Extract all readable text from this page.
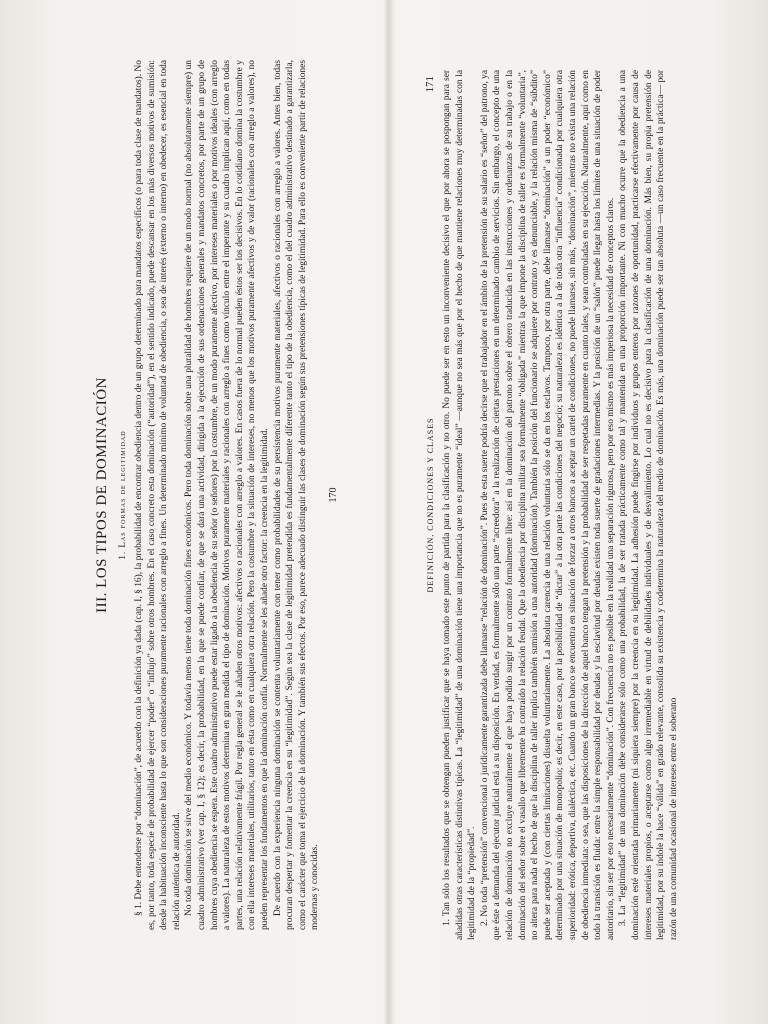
III. LOS TIPOS DE DOMINACIÓN 1. Las formas de legitimidad § 1. Debe entenderse por “dominación”, de acuerdo con la definición ya dada (cap. I, § 16), la probabilidad de encontrar obediencia dentro de un grupo determinado para mandatos específicos (o para toda clase de mandatos). No es, por tanto, toda especie de probabilidad de ejercer “poder” o “influjo” sobre otros hombres. En el caso concreto esta dominación (“autoridad”), en el sentido indicado, puede descansar en los más diversos motivos de sumisión: desde la habituación inconsciente hasta lo que son consideraciones puramente racionales con arreglo a fines. Un determinado mínimo de voluntad de obediencia, o sea de interés (externo o interno) en obedecer, es esencial en toda relación auténtica de autoridad. No toda dominación se sirve del medio económico. Y todavía menos tiene toda dominación fines económicos. Pero toda dominación sobre una pluralidad de hombres requiere de un modo normal (no absolutamente siempre) un cuadro administrativo (ver cap. I, § 12); es decir, la probabilidad, en la que se puede confiar, de que se dará una actividad, dirigida a la ejecución de sus ordenaciones generales y mandatos concretos, por parte de un grupo de hombres cuya obediencia se espera. Este cuadro administrativo puede estar ligado a la obediencia de su señor (o señores) por la costumbre, de un modo puramente afectivo, por intereses materiales o por motivos ideales (con arreglo a valores). La naturaleza de estos motivos determina en gran medida el tipo de dominación. Motivos puramente materiales y racionales con arreglo a fines como vínculo entre el imperante y su cuadro implican aquí, como en todas partes, una relación relativamente frágil. Por regla general se le añaden otros motivos: afectivos o racionales con arreglo a valores. En casos fuera de lo normal pueden éstos ser los decisivos. En lo cotidiano domina la costumbre y con ella intereses materiales, utilitarios, tanto en ésta como en cualquiera otra relación. Pero la costumbre y la situación de intereses, no menos que los motivos puramente afectivos y de valor (racionales con arreglo a valores), no pueden representar los fundamentos en que la dominación confía. Normalmente se les añade otro factor: la creencia en la legitimidad. De acuerdo con la experiencia ninguna dominación se contenta voluntariamente con tener como probabilidades de su persistencia motivos puramente materiales, afectivos o racionales con arreglo a valores. Antes bien, todas procuran despertar y fomentar la creencia en su “legitimidad”. Según sea la clase de legitimidad pretendida es fundamentalmente diferente tanto el tipo de la obediencia, como el del cuadro administrativo destinado a garantizarla, como el carácter que toma el ejercicio de la dominación. Y también sus efectos. Por eso, parece adecuado distinguir las clases de dominación según sus pretensiones típicas de legitimidad. Para ello es conveniente partir de relaciones modernas y conocidas.

170	DEFINICIÓN, CONDICIONES Y CLASES
171 1. Tan sólo los resultados que se obtengan pueden justificar que se haya tomado este punto de partida para la clasificación y no otro. No puede ser en esto un inconveniente decisivo el que por ahora se pospongan para ser añadidas otras características distintivas típicas. La “legitimidad” de una dominación tiene una importancia que no es puramente “ideal” —aunque no sea más que por el hecho de que mantiene relaciones muy determinadas con la legitimidad de la “propiedad”. 2. No toda “pretensión” convencional o jurídicamente garantizada debe llamarse “relación de dominación”. Pues de esta suerte podría decirse que el trabajador en el ámbito de la pretensión de su salario es “señor” del patrono, ya que éste a demanda del ejecutor judicial está a su disposición. En verdad, es formalmente sólo una parte “acreedora” a la realización de ciertas prestaciones en un determinado cambio de servicios. Sin embargo, el concepto de una relación de dominación no excluye naturalmente el que haya podido surgir por un contrato formalmente libre: así en la dominación del patrono sobre el obrero traducida en las instrucciones y ordenanzas de su trabajo o en la dominación del señor sobre el vasallo que libremente ha contraído la relación feudal. Que la obediencia por disciplina militar sea formalmente “obligada” mientras la que impone la disciplina de taller es formalmente “voluntaria”, no altera para nada el hecho de que la disciplina de taller implica también sumisión a una autoridad (dominación). También la posición del funcionario se adquiere por contrato y es denunciable, y la relación misma de “súbdito” puede ser aceptada y (con ciertas limitaciones) disuelta voluntariamente. La absoluta carencia de una relación voluntaria sólo se da en los esclavos. Tampoco, por otra parte, debe llamarse “dominación” a un poder “económico” determinado por una situación de monopolio; es decir, en este caso, por la posibilidad de “dictar” a la otra parte las condiciones del negocio; su naturaleza es idéntica a la de toda otra “influencia” condicionada por cualquiera otra superioridad: erótica, deportiva, dialéctica, etc. Cuando un gran banco se encuentra en situación de forzar a otros bancos a aceptar un cartel de condiciones, no puede llamarse, sin más, “dominación”, mientras no exista una relación de obediencia inmediata: o sea, que las disposiciones de la dirección de aquel banco tengan la pretensión y la probabilidad de ser respetadas puramente en cuanto tales, y sean controladas en su ejecución. Naturalmente, aquí como en todo la transición es fluida: entre la simple responsabilidad por deudas y la esclavitud por deudas existen toda suerte de gradaciones intermedias. Y la posición de un “salón” puede llegar hasta los límites de una situación de poder autoritario, sin ser por eso necesariamente “dominación”. Con frecuencia no es posible en la realidad una separación rigurosa, pero por eso mismo es más imperiosa la necesidad de conceptos claros. 3. La “legitimidad” de una dominación debe considerarse sólo como una probabilidad, la de ser tratada prácticamente como tal y mantenida en una proporción importante. Ni con mucho ocurre que la obediencia a una dominación esté orientada primariamente (ni siquiera siempre) por la creencia en su legitimidad. La adhesión puede fingirse por individuos y grupos enteros por razones de oportunidad, practicarse efectivamente por causa de intereses materiales propios, o aceptarse como algo irremediable en virtud de debilidades individuales y de desvalimiento. Lo cual no es decisivo para la clasificación de una dominación. Más bien, su propia pretensión de legitimidad, por su índole la hace “válida” en grado relevante, consolida su existencia y codetermina la naturaleza del medio de dominación. Es más, una dominación puede ser tan absoluta —un caso frecuente en la práctica— por razón de una comunidad ocasional de intereses entre el soberano
